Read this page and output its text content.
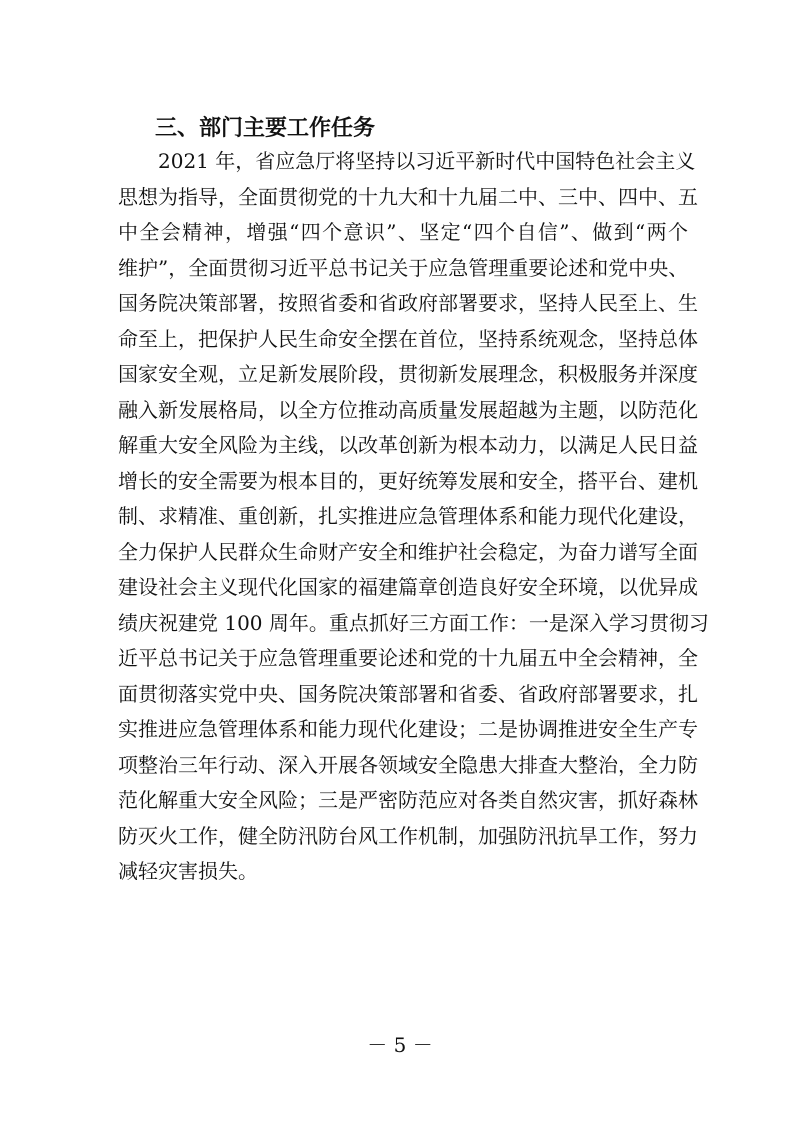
三、部门主要工作任务
　　2021 年，省应急厅将坚持以习近平新时代中国特色社会主义
思想为指导，全面贯彻党的十九大和十九届二中、三中、四中、五
中全会精神，增强“四个意识”、坚定“四个自信”、做到“两个
维护”，全面贯彻习近平总书记关于应急管理重要论述和党中央、
国务院决策部署，按照省委和省政府部署要求，坚持人民至上、生
命至上，把保护人民生命安全摆在首位，坚持系统观念，坚持总体
国家安全观，立足新发展阶段，贯彻新发展理念，积极服务并深度
融入新发展格局，以全方位推动高质量发展超越为主题，以防范化
解重大安全风险为主线，以改革创新为根本动力，以满足人民日益
增长的安全需要为根本目的，更好统筹发展和安全，搭平台、建机
制、求精准、重创新，扎实推进应急管理体系和能力现代化建设，
全力保护人民群众生命财产安全和维护社会稳定，为奋力谱写全面
建设社会主义现代化国家的福建篇章创造良好安全环境，以优异成
绩庆祝建党 100 周年。重点抓好三方面工作：一是深入学习贯彻习
近平总书记关于应急管理重要论述和党的十九届五中全会精神，全
面贯彻落实党中央、国务院决策部署和省委、省政府部署要求，扎
实推进应急管理体系和能力现代化建设；二是协调推进安全生产专
项整治三年行动、深入开展各领域安全隐患大排查大整治，全力防
范化解重大安全风险；三是严密防范应对各类自然灾害，抓好森林
防灭火工作，健全防汛防台风工作机制，加强防汛抗旱工作，努力
减轻灾害损失。
－ 5 －
